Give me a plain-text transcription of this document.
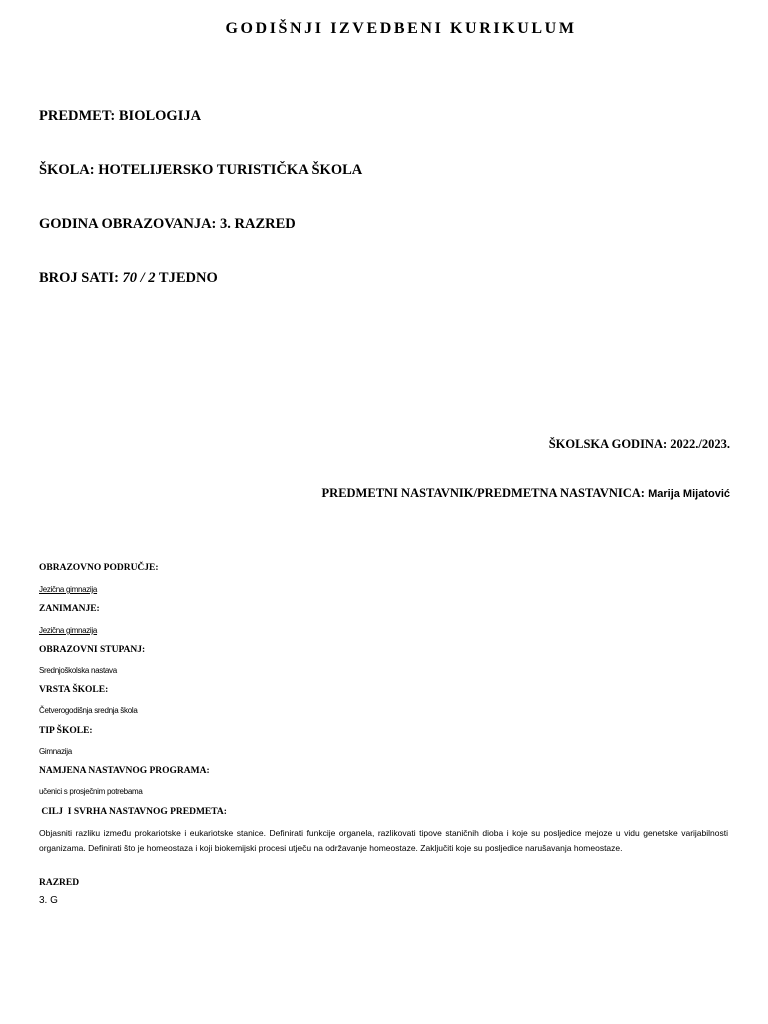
GODIŠNJI IZVEDBENI KURIKULUM
PREDMET: BIOLOGIJA
ŠKOLA: HOTELIJERSKO TURISTIČKA ŠKOLA
GODINA OBRAZOVANJA: 3. RAZRED
BROJ SATI: 70 / 2 TJEDNO
ŠKOLSKA GODINA: 2022./2023.
PREDMETNI NASTAVNIK/PREDMETNA NASTAVNICA: Marija Mijatović
OBRAZOVNO PODRUČJE:
Jezična gimnazija
ZANIMANJE:
Jezična gimnazija
OBRAZOVNI STUPANJ:
Srednjoškolska nastava
VRSTA ŠKOLE:
Četverogodišnja srednja škola
TIP ŠKOLE:
Gimnazija
NAMJENA NASTAVNOG PROGRAMA:
učenici s prosječnim potrebama
CILJ  I SVRHA NASTAVNOG PREDMETA:

Objasniti razliku između prokariotske i eukariotske stanice. Definirati funkcije organela, razlikovati tipove staničnih dioba i koje su posljedice mejoze u vidu genetske varijabilnosti organizama. Definirati što je homeostaza i koji biokemijski procesi utječu na održavanje homeostaze. Zaključiti koje su posljedice narušavanja homeostaze.

RAZRED
3. G
